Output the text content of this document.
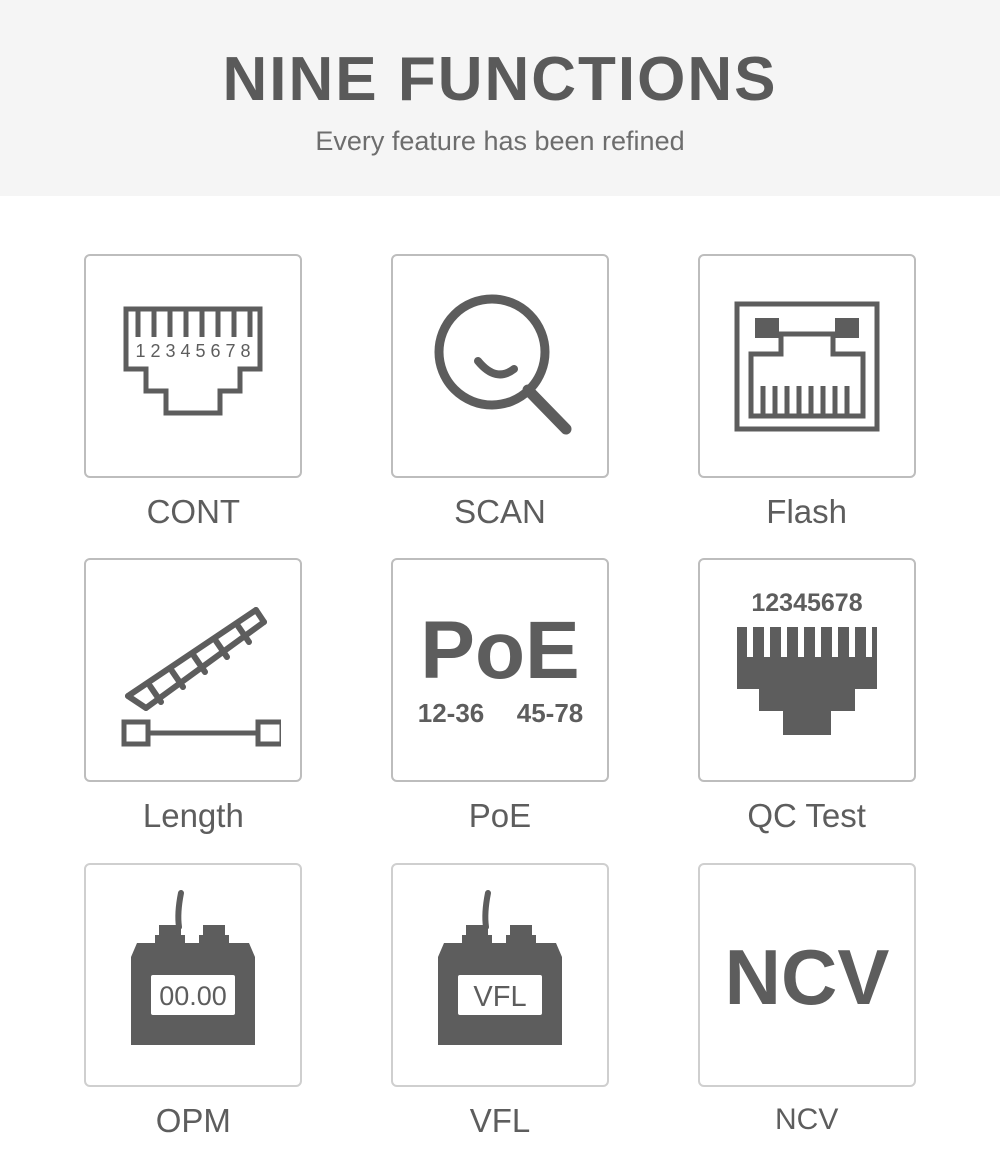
NINE FUNCTIONS
Every feature has been refined
1 2 3 4 5 6 7 8
CONT	SCAN	Flash
Length
PoE
12-36 45-78
PoE
12345678
QC Test
00.00
OPM
VFL
VFL
NCV
NCV
